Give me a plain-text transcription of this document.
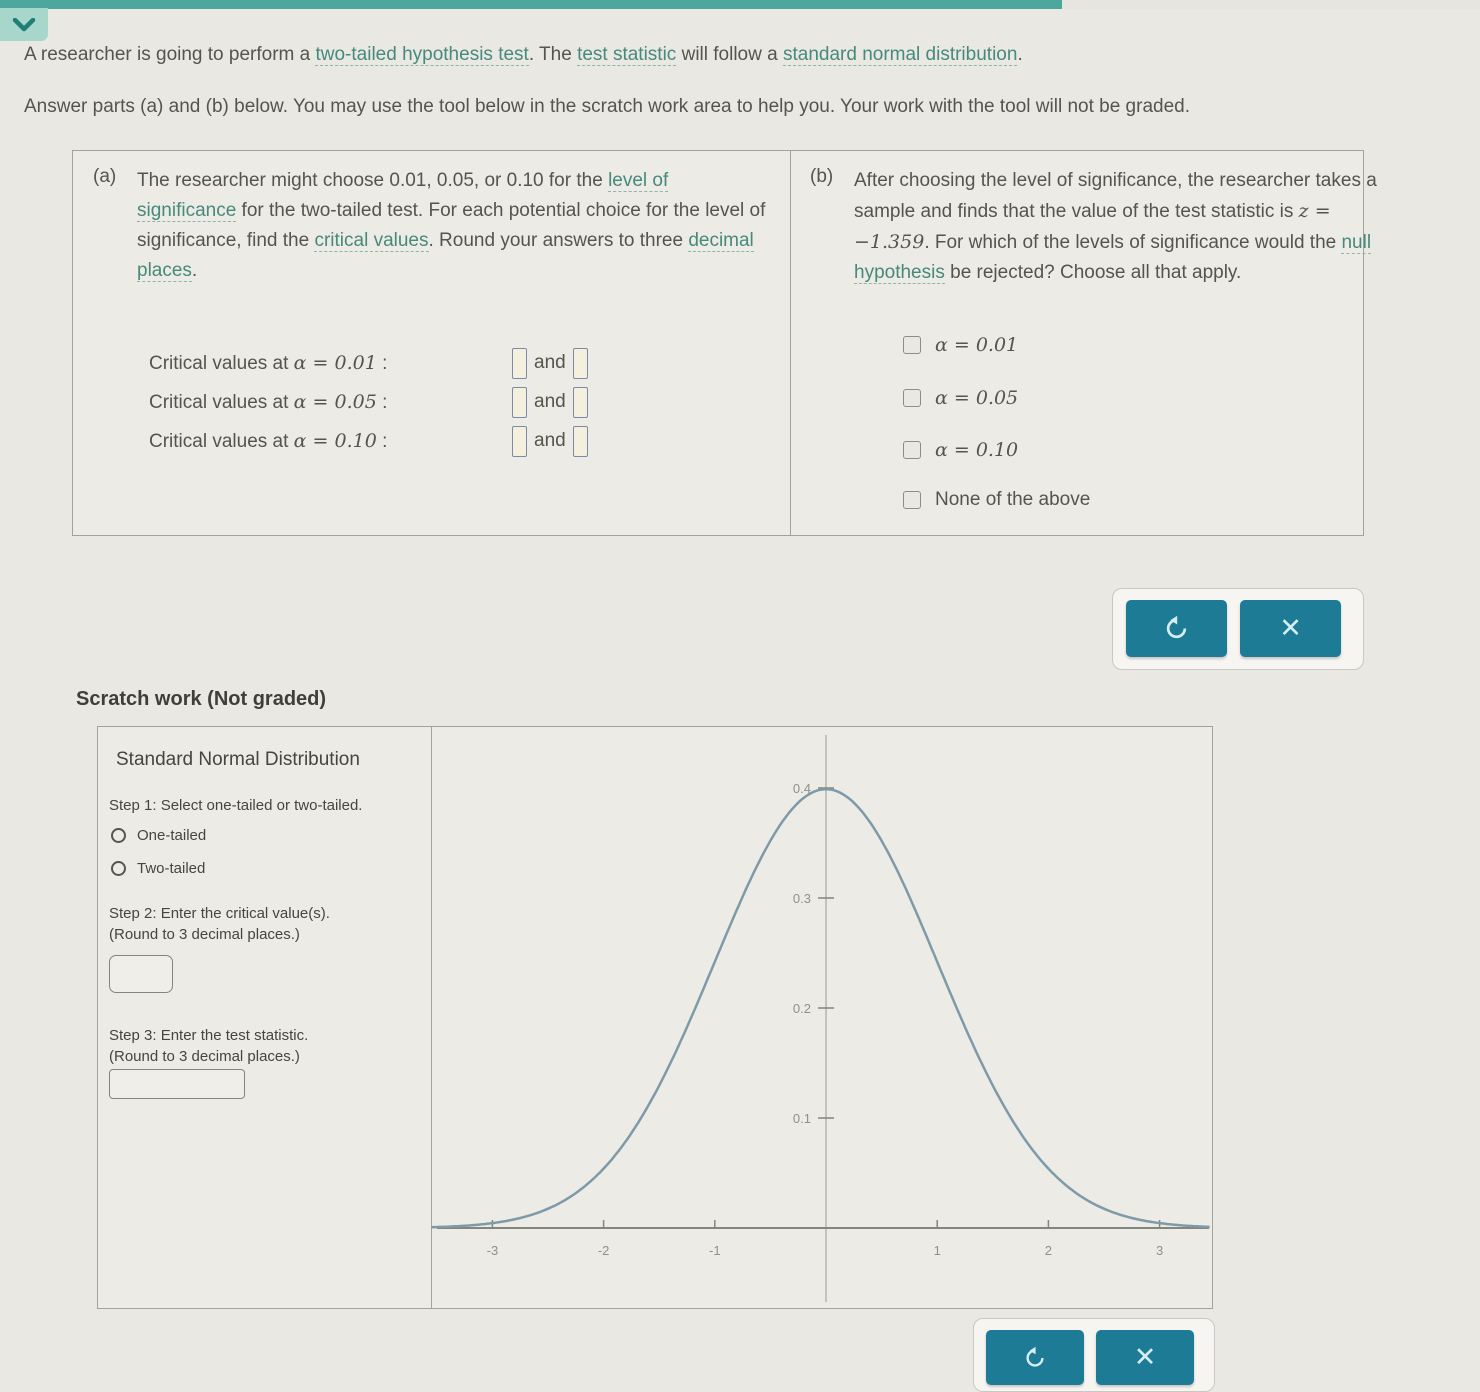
A researcher is going to perform a two-tailed hypothesis test. The test statistic will follow a standard normal distribution.
Answer parts (a) and (b) below. You may use the tool below in the scratch work area to help you. Your work with the tool will not be graded.
(a) The researcher might choose 0.01, 0.05, or 0.10 for the level of significance for the two-tailed test. For each potential choice for the level of significance, find the critical values. Round your answers to three decimal places.
Critical values at α = 0.01 :	and
Critical values at α = 0.05 :	and
Critical values at α = 0.10 :	and
(b) After choosing the level of significance, the researcher takes a sample and finds that the value of the test statistic is z = −1.359. For which of the levels of significance would the null hypothesis be rejected? Choose all that apply.
α = 0.01
α = 0.05
α = 0.10
None of the above
✕
Scratch work (Not graded)
Standard Normal Distribution
Step 1: Select one-tailed or two-tailed.
One-tailed
Two-tailed
Step 2: Enter the critical value(s).
(Round to 3 decimal places.)
Step 3: Enter the test statistic.
(Round to 3 decimal places.)
-3	-2	-1	1	2	3
0.1
0.2
0.3
0.4
✕
